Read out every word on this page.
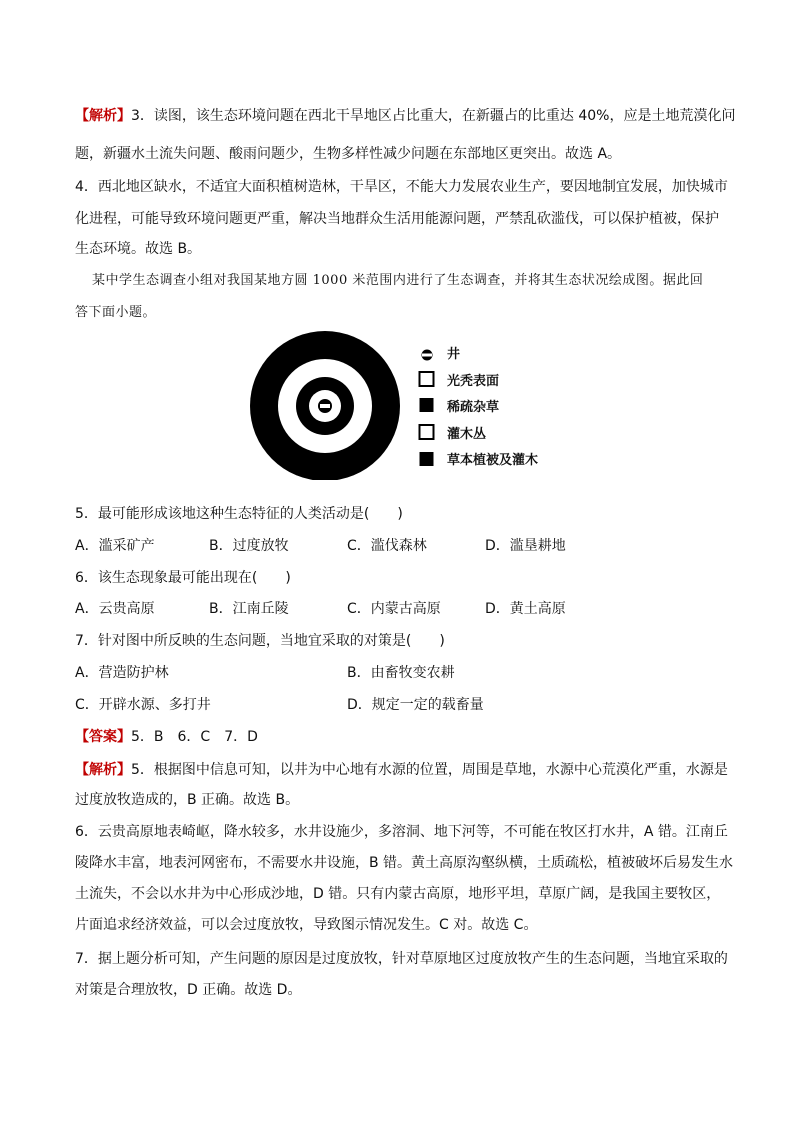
【解析】3．读图，该生态环境问题在西北干旱地区占比重大，在新疆占的比重达 40%，应是土地荒漠化问
题，新疆水土流失问题、酸雨问题少，生物多样性减少问题在东部地区更突出。故选 A。
4．西北地区缺水，不适宜大面积植树造林，干旱区，不能大力发展农业生产，要因地制宜发展，加快城市
化进程，可能导致环境问题更严重，解决当地群众生活用能源问题，严禁乱砍滥伐，可以保护植被，保护
生态环境。故选 B。
某中学生态调查小组对我国某地方圆 1000 米范围内进行了生态调查，并将其生态状况绘成图。据此回
答下面小题。
井
光秃表面
稀疏杂草
灌木丛
草本植被及灌木
5．最可能形成该地这种生态特征的人类活动是(　　)
A．滥采矿产	B．过度放牧	C．滥伐森林	D．滥垦耕地
6．该生态现象最可能出现在(　　)
A．云贵高原	B．江南丘陵	C．内蒙古高原	D．黄土高原
7．针对图中所反映的生态问题，当地宜采取的对策是(　　)
A．营造防护林	B．由畜牧变农耕
C．开辟水源、多打井	D．规定一定的载畜量
【答案】5．B　6．C　7．D
【解析】5．根据图中信息可知，以井为中心地有水源的位置，周围是草地，水源中心荒漠化严重，水源是
过度放牧造成的，B 正确。故选 B。
6．云贵高原地表崎岖，降水较多，水井设施少，多溶洞、地下河等，不可能在牧区打水井，A 错。江南丘
陵降水丰富，地表河网密布，不需要水井设施，B 错。黄土高原沟壑纵横，土质疏松，植被破坏后易发生水
土流失，不会以水井为中心形成沙地，D 错。只有内蒙古高原，地形平坦，草原广阔，是我国主要牧区，
片面追求经济效益，可以会过度放牧，导致图示情况发生。C 对。故选 C。
7．据上题分析可知，产生问题的原因是过度放牧，针对草原地区过度放牧产生的生态问题，当地宜采取的
对策是合理放牧，D 正确。故选 D。
